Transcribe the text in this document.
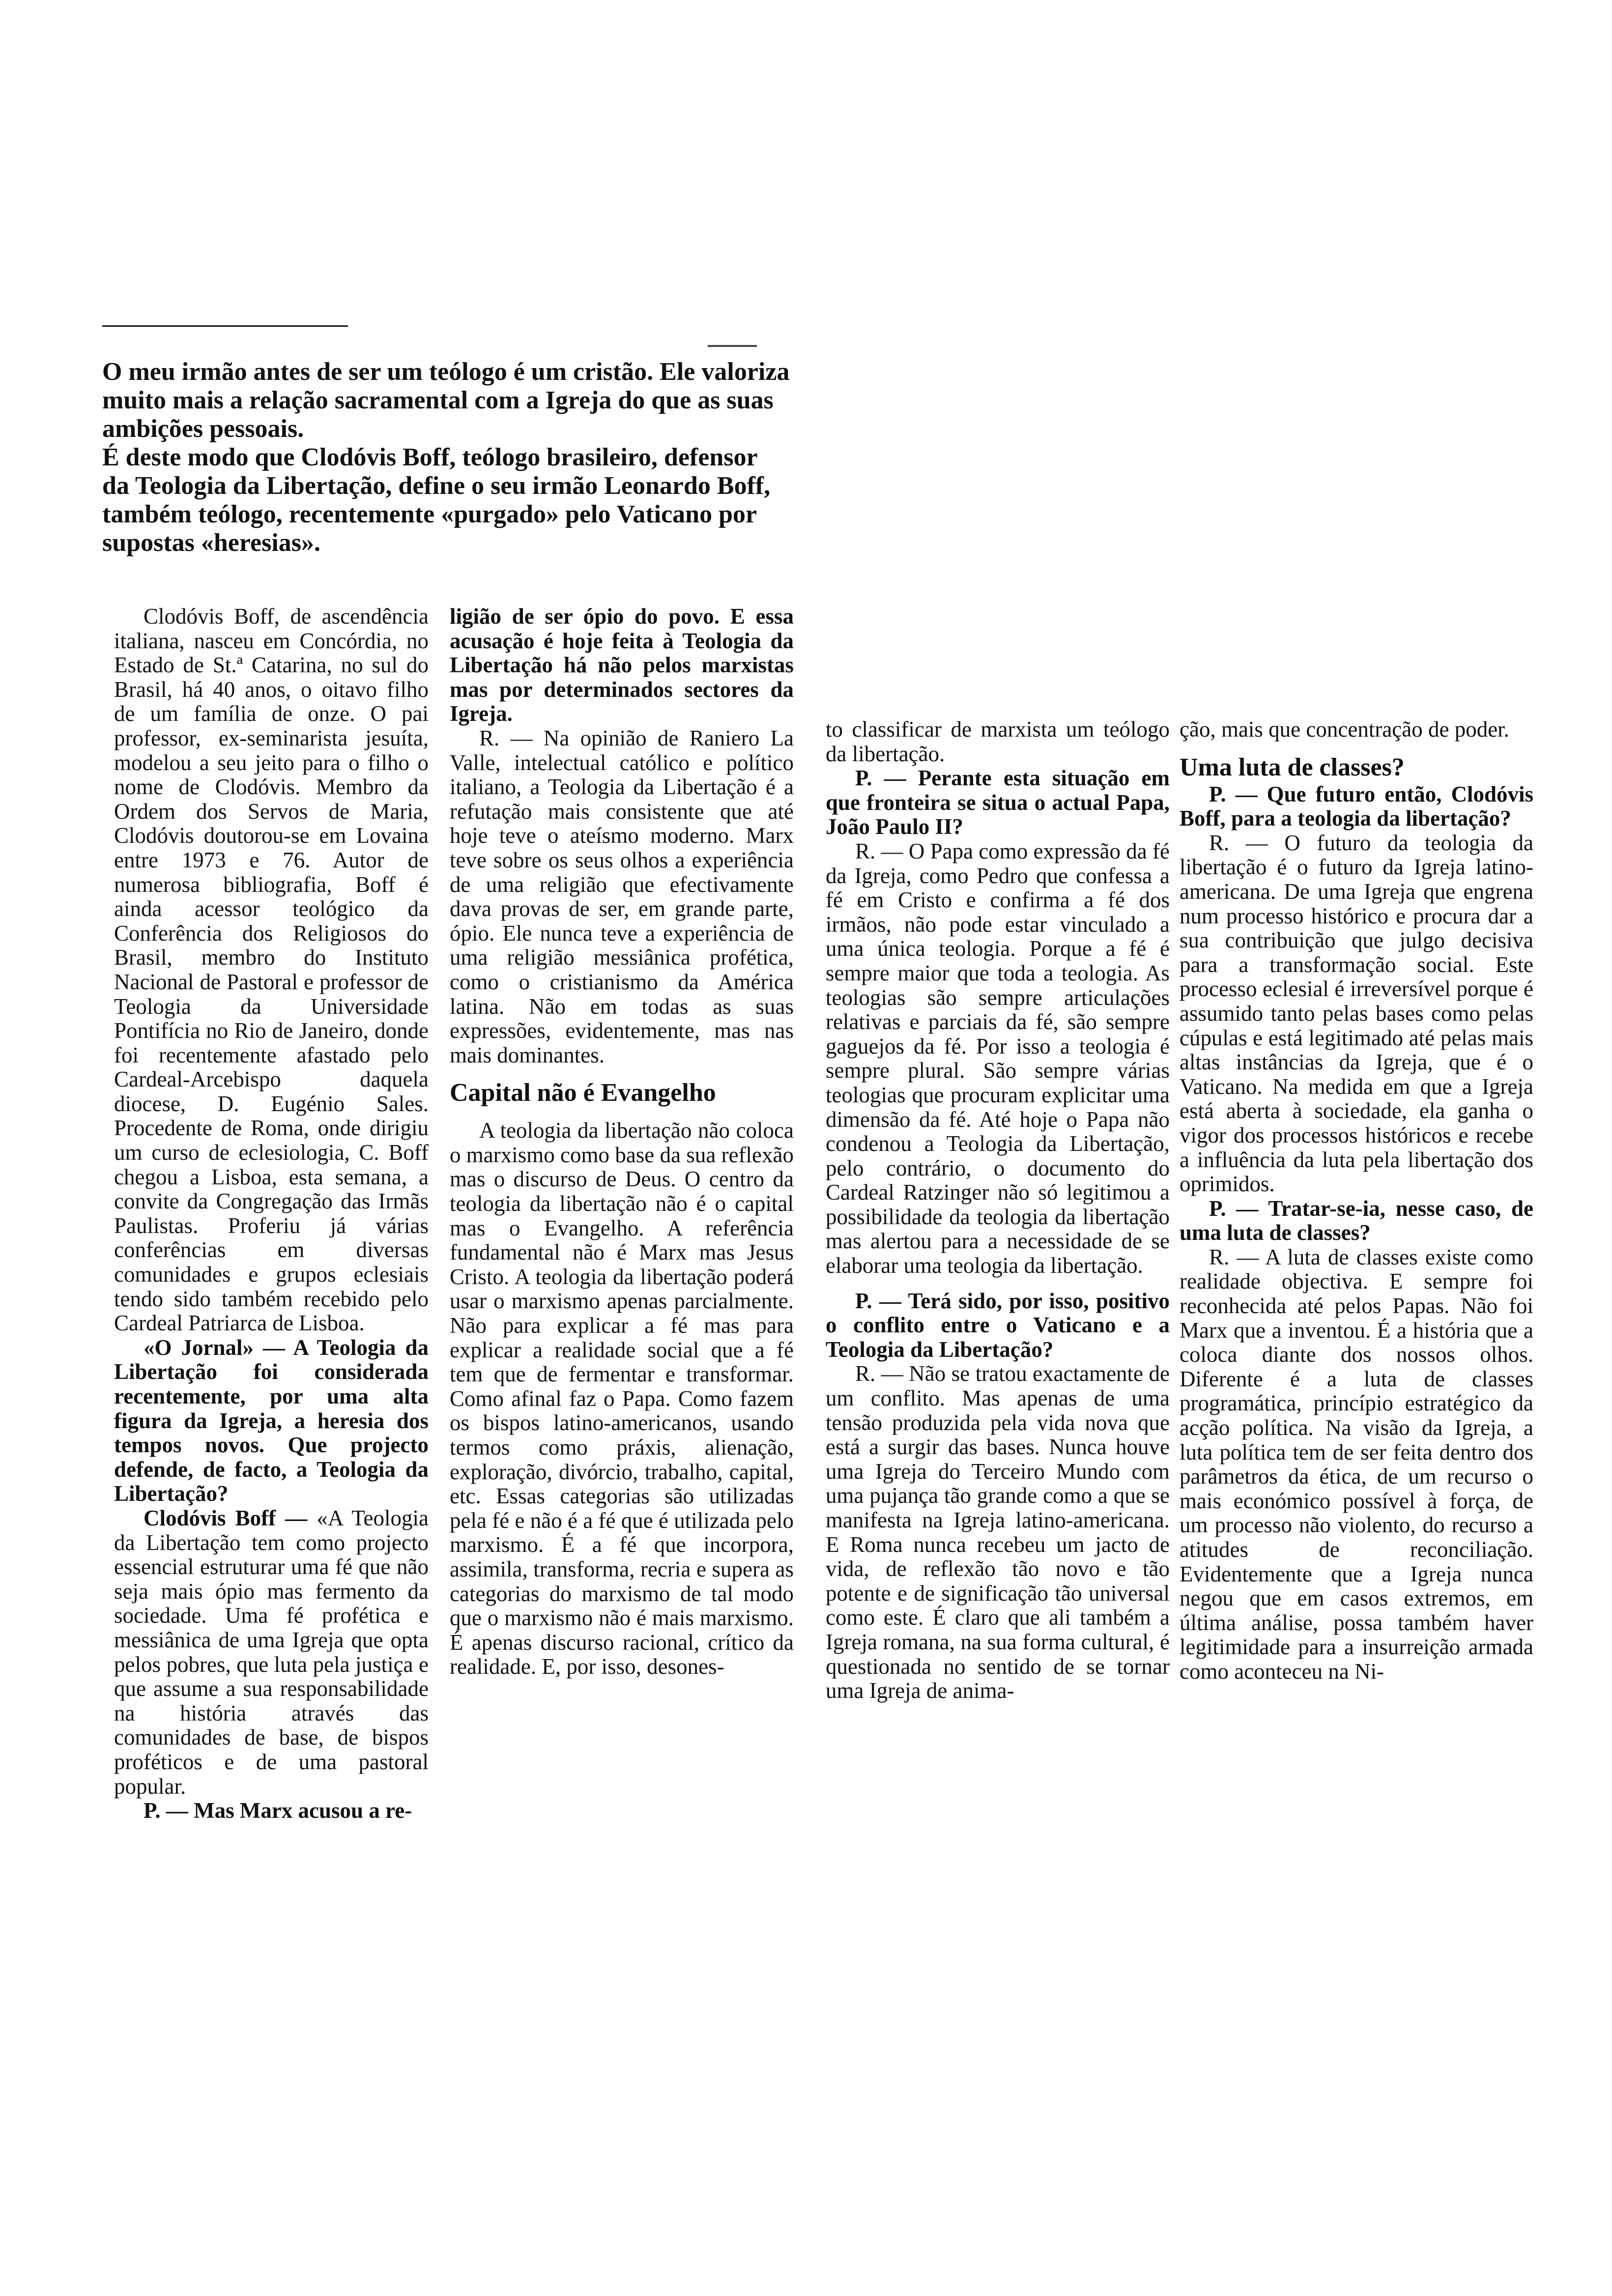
O meu irmão antes de ser um teólogo é um cristão. Ele valoriza muito mais a relação sacramental com a Igreja do que as suas ambições pessoais.

É deste modo que Clodóvis Boff, teólogo brasileiro, defensor da Teologia da Libertação, define o seu irmão Leonardo Boff, também teólogo, recentemente «purgado» pelo Vaticano por supostas «heresias».

Clodóvis Boff, de ascendência italiana, nasceu em Concórdia, no Estado de St.ª Catarina, no sul do Brasil, há 40 anos, o oitavo filho de um família de onze. O pai professor, ex-seminarista jesuíta, modelou a seu jeito para o filho o nome de Clodóvis. Membro da Ordem dos Servos de Maria, Clodóvis doutorou-se em Lovaina entre 1973 e 76. Autor de numerosa bibliografia, Boff é ainda acessor teológico da Conferência dos Religiosos do Brasil, membro do Instituto Nacional de Pastoral e professor de Teologia da Universidade Pontifícia no Rio de Janeiro, donde foi recentemente afastado pelo Cardeal-Arcebispo daquela diocese, D. Eugénio Sales. Procedente de Roma, onde dirigiu um curso de eclesiologia, C. Boff chegou a Lisboa, esta semana, a convite da Congregação das Irmãs Paulistas. Proferiu já várias conferências em diversas comunidades e grupos eclesiais tendo sido também recebido pelo Cardeal Patriarca de Lisboa.

«O Jornal» — A Teologia da Libertação foi considerada recentemente, por uma alta figura da Igreja, a heresia dos tempos novos. Que projecto defende, de facto, a Teologia da Libertação?

Clodóvis Boff — «A Teologia da Libertação tem como projecto essencial estruturar uma fé que não seja mais ópio mas fermento da sociedade. Uma fé profética e messiânica de uma Igreja que opta pelos pobres, que luta pela justiça e que assume a sua responsabilidade na história através das comunidades de base, de bispos proféticos e de uma pastoral popular.

P. — Mas Marx acusou a re-

ligião de ser ópio do povo. E essa acusação é hoje feita à Teologia da Libertação há não pelos marxistas mas por determinados sectores da Igreja.

R. — Na opinião de Raniero La Valle, intelectual católico e político italiano, a Teologia da Libertação é a refutação mais consistente que até hoje teve o ateísmo moderno. Marx teve sobre os seus olhos a experiência de uma religião que efectivamente dava provas de ser, em grande parte, ópio. Ele nunca teve a experiência de uma religião messiânica profética, como o cristianismo da América latina. Não em todas as suas expressões, evidentemente, mas nas mais dominantes.

Capital não é Evangelho

A teologia da libertação não coloca o marxismo como base da sua reflexão mas o discurso de Deus. O centro da teologia da libertação não é o capital mas o Evangelho. A referência fundamental não é Marx mas Jesus Cristo. A teologia da libertação poderá usar o marxismo apenas parcialmente. Não para explicar a fé mas para explicar a realidade social que a fé tem que de fermentar e transformar. Como afinal faz o Papa. Como fazem os bispos latino-americanos, usando termos como práxis, alienação, exploração, divórcio, trabalho, capital, etc. Essas categorias são utilizadas pela fé e não é a fé que é utilizada pelo marxismo. É a fé que incorpora, assimila, transforma, recria e supera as categorias do marxismo de tal modo que o marxismo não é mais marxismo. É apenas discurso racional, crítico da realidade. E, por isso, desones-

to classificar de marxista um teólogo da libertação.

P. — Perante esta situação em que fronteira se situa o actual Papa, João Paulo II?

R. — O Papa como expressão da fé da Igreja, como Pedro que confessa a fé em Cristo e confirma a fé dos irmãos, não pode estar vinculado a uma única teologia. Porque a fé é sempre maior que toda a teologia. As teologias são sempre articulações relativas e parciais da fé, são sempre gaguejos da fé. Por isso a teologia é sempre plural. São sempre várias teologias que procuram explicitar uma dimensão da fé. Até hoje o Papa não condenou a Teologia da Libertação, pelo contrário, o documento do Cardeal Ratzinger não só legitimou a possibilidade da teologia da libertação mas alertou para a necessidade de se elaborar uma teologia da libertação.

P. — Terá sido, por isso, positivo o conflito entre o Vaticano e a Teologia da Libertação?

R. — Não se tratou exactamente de um conflito. Mas apenas de uma tensão produzida pela vida nova que está a surgir das bases. Nunca houve uma Igreja do Terceiro Mundo com uma pujança tão grande como a que se manifesta na Igreja latino-americana. E Roma nunca recebeu um jacto de vida, de reflexão tão novo e tão potente e de significação tão universal como este. É claro que ali também a Igreja romana, na sua forma cultural, é questionada no sentido de se tornar uma Igreja de anima-

ção, mais que concentração de poder.

Uma luta de classes?

P. — Que futuro então, Clodóvis Boff, para a teologia da libertação?

R. — O futuro da teologia da libertação é o futuro da Igreja latino-americana. De uma Igreja que engrena num processo histórico e procura dar a sua contribuição que julgo decisiva para a transformação social. Este processo eclesial é irreversível porque é assumido tanto pelas bases como pelas cúpulas e está legitimado até pelas mais altas instâncias da Igreja, que é o Vaticano. Na medida em que a Igreja está aberta à sociedade, ela ganha o vigor dos processos históricos e recebe a influência da luta pela libertação dos oprimidos.

P. — Tratar-se-ia, nesse caso, de uma luta de classes?

R. — A luta de classes existe como realidade objectiva. E sempre foi reconhecida até pelos Papas. Não foi Marx que a inventou. É a história que a coloca diante dos nossos olhos. Diferente é a luta de classes programática, princípio estratégico da acção política. Na visão da Igreja, a luta política tem de ser feita dentro dos parâmetros da ética, de um recurso o mais económico possível à força, de um processo não violento, do recurso a atitudes de reconciliação. Evidentemente que a Igreja nunca negou que em casos extremos, em última análise, possa também haver legitimidade para a insurreição armada como aconteceu na Ni-
